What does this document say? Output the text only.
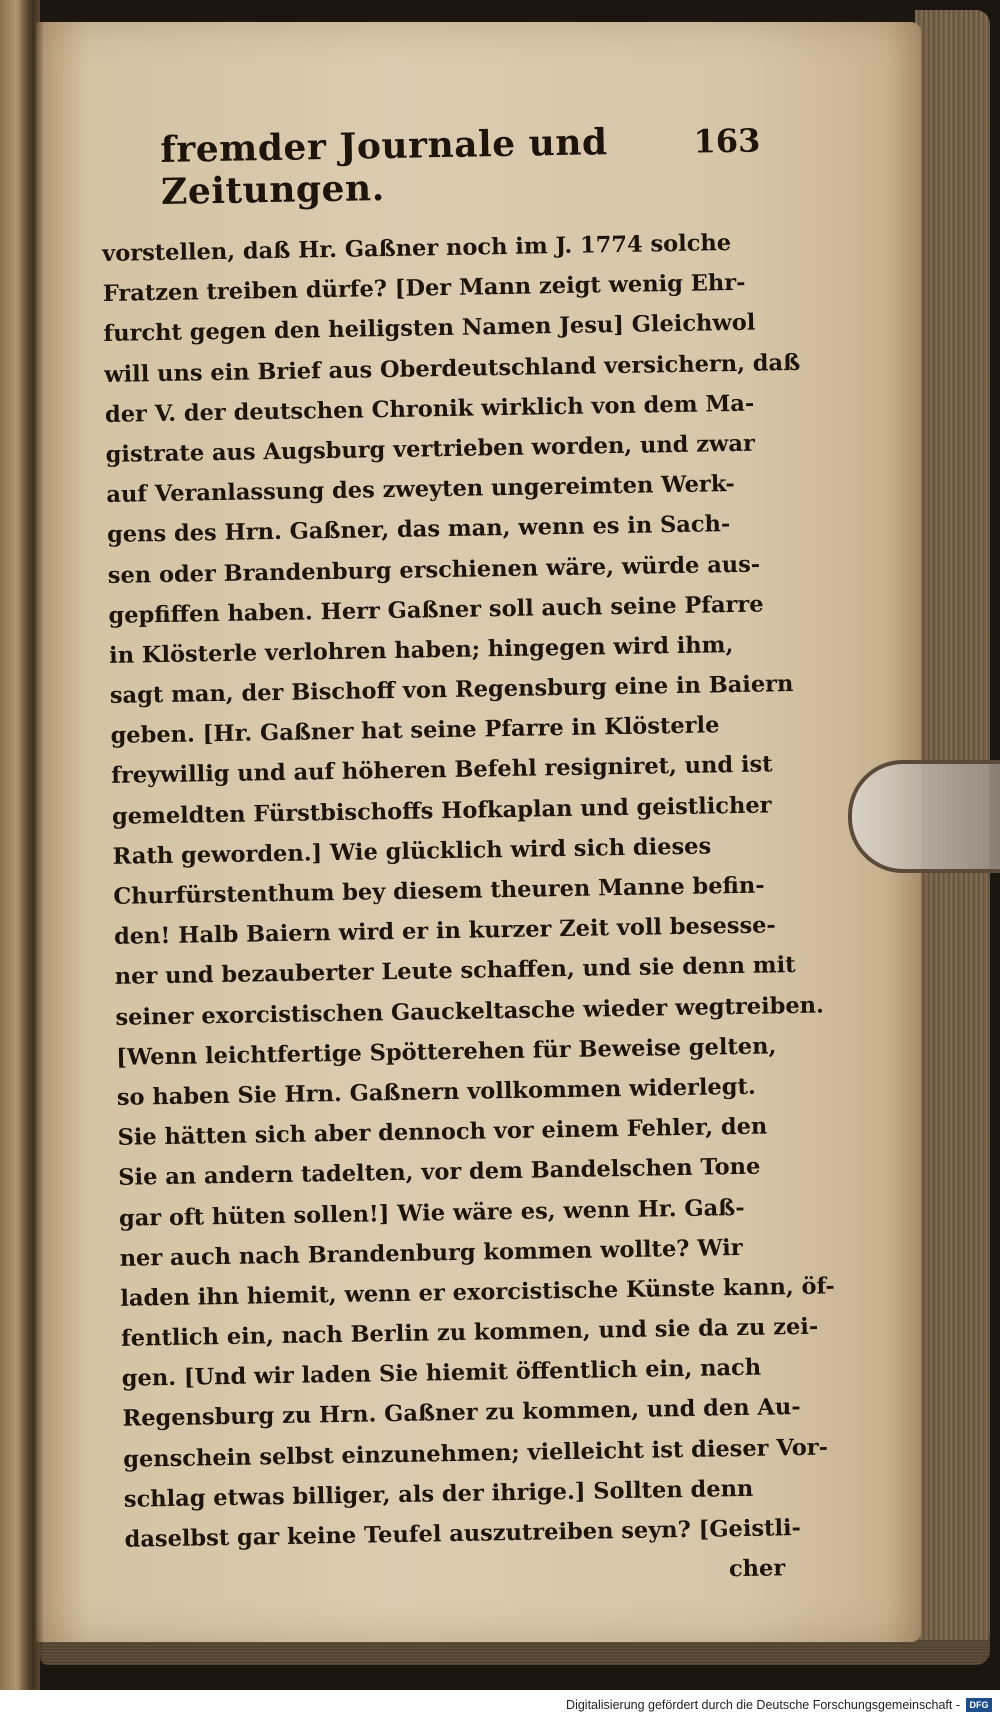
fremder Journale und Zeitungen.
163
vorstellen, daß Hr. Gaßner noch im J. 1774 solche
Fratzen treiben dürfe? [Der Mann zeigt wenig Ehr-
furcht gegen den heiligsten Namen Jesu] Gleichwol
will uns ein Brief aus Oberdeutschland versichern, daß
der V. der deutschen Chronik wirklich von dem Ma-
gistrate aus Augsburg vertrieben worden, und zwar
auf Veranlassung des zweyten ungereimten Werk-
gens des Hrn. Gaßner, das man, wenn es in Sach-
sen oder Brandenburg erschienen wäre, würde aus-
gepfiffen haben. Herr Gaßner soll auch seine Pfarre
in Klösterle verlohren haben; hingegen wird ihm,
sagt man, der Bischoff von Regensburg eine in Baiern
geben. [Hr. Gaßner hat seine Pfarre in Klösterle
freywillig und auf höheren Befehl resigniret, und ist
gemeldten Fürstbischoffs Hofkaplan und geistlicher
Rath geworden.] Wie glücklich wird sich dieses
Churfürstenthum bey diesem theuren Manne befin-
den! Halb Baiern wird er in kurzer Zeit voll besesse-
ner und bezauberter Leute schaffen, und sie denn mit
seiner exorcistischen Gauckeltasche wieder wegtreiben.
[Wenn leichtfertige Spötterehen für Beweise gelten,
so haben Sie Hrn. Gaßnern vollkommen widerlegt.
Sie hätten sich aber dennoch vor einem Fehler, den
Sie an andern tadelten, vor dem Bandelschen Tone
gar oft hüten sollen!] Wie wäre es, wenn Hr. Gaß-
ner auch nach Brandenburg kommen wollte? Wir
laden ihn hiemit, wenn er exorcistische Künste kann, öf-
fentlich ein, nach Berlin zu kommen, und sie da zu zei-
gen. [Und wir laden Sie hiemit öffentlich ein, nach
Regensburg zu Hrn. Gaßner zu kommen, und den Au-
genschein selbst einzunehmen; vielleicht ist dieser Vor-
schlag etwas billiger, als der ihrige.] Sollten denn
daselbst gar keine Teufel auszutreiben seyn? [Geistli-
cher
Digitalisierung gefördert durch die Deutsche Forschungsgemeinschaft -	DFG
